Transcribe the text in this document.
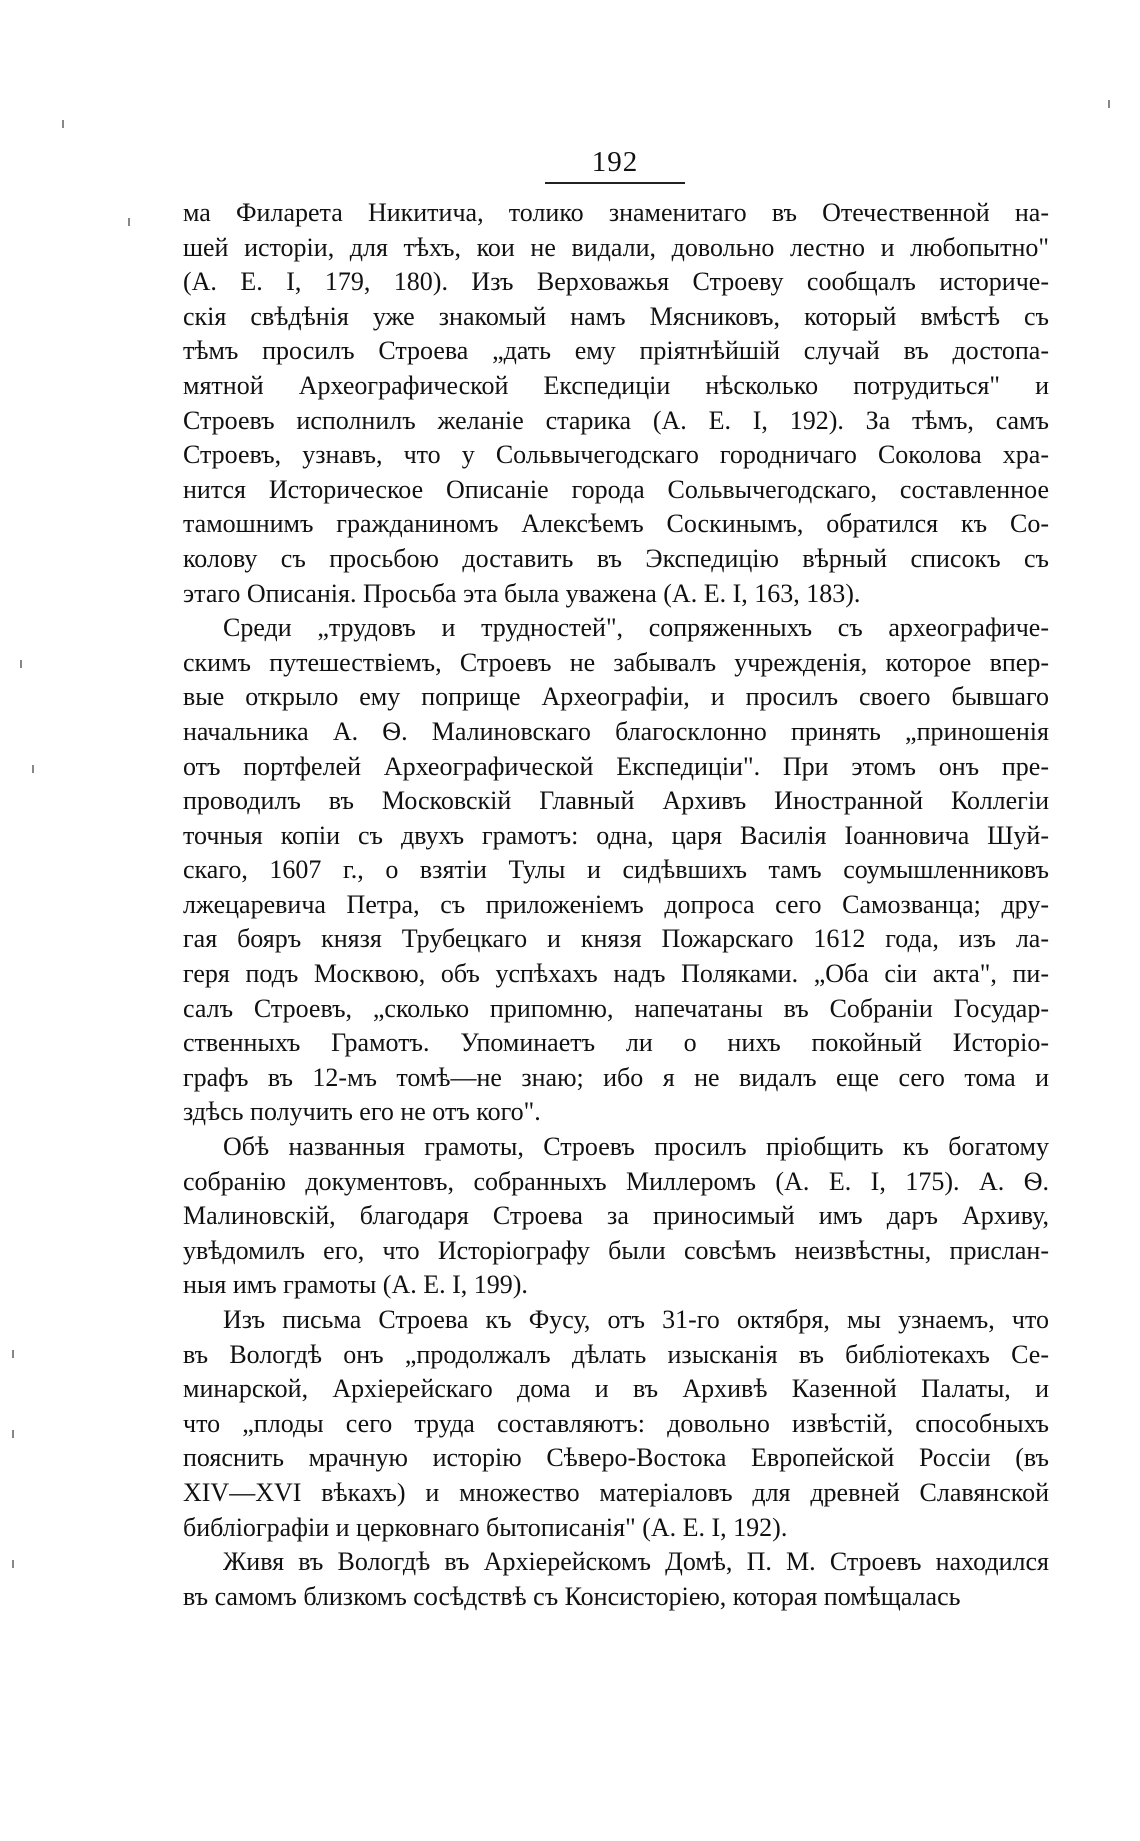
192
ма Филарета Никитича, толико знаменитаго въ Отечественной на-
шей исторіи, для тѣхъ, кои не видали, довольно лестно и любопытно"
(А. Е. I, 179, 180). Изъ Верховажья Строеву сообщалъ историче-
скія свѣдѣнія уже знакомый намъ Мясниковъ, который вмѣстѣ съ
тѣмъ просилъ Строева „дать ему пріятнѣйшій случай въ достопа-
мятной Археографической Експедиціи нѣсколько потрудиться" и
Строевъ исполнилъ желаніе старика (А. Е. I, 192). За тѣмъ, самъ
Строевъ, узнавъ, что у Сольвычегодскаго городничаго Соколова хра-
нится Историческое Описаніе города Сольвычегодскаго, составленное
тамошнимъ гражданиномъ Алексѣемъ Соскинымъ, обратился къ Со-
колову съ просьбою доставить въ Экспедицію вѣрный списокъ съ
этаго Описанія. Просьба эта была уважена (А. Е. I, 163, 183).
Среди „трудовъ и трудностей", сопряженныхъ съ археографиче-
скимъ путешествіемъ, Строевъ не забывалъ учрежденія, которое впер-
вые открыло ему поприще Археографіи, и просилъ своего бывшаго
начальника А. Ѳ. Малиновскаго благосклонно принять „приношенія
отъ портфелей Археографической Експедиціи". При этомъ онъ пре-
проводилъ въ Московскій Главный Архивъ Иностранной Коллегіи
точныя копіи съ двухъ грамотъ: одна, царя Василія Іоанновича Шуй-
скаго, 1607 г., о взятіи Тулы и сидѣвшихъ тамъ соумышленниковъ
лжецаревича Петра, съ приложеніемъ допроса сего Самозванца; дру-
гая бояръ князя Трубецкаго и князя Пожарскаго 1612 года, изъ ла-
геря подъ Москвою, объ успѣхахъ надъ Поляками. „Оба сіи акта", пи-
салъ Строевъ, „сколько припомню, напечатаны въ Собраніи Государ-
ственныхъ Грамотъ. Упоминаетъ ли о нихъ покойный Исторіо-
графъ въ 12-мъ томѣ—не знаю; ибо я не видалъ еще сего тома и
здѣсь получить его не отъ кого".
Обѣ названныя грамоты, Строевъ просилъ пріобщить къ богатому
собранію документовъ, собранныхъ Миллеромъ (А. Е. I, 175). А. Ѳ.
Малиновскій, благодаря Строева за приносимый имъ даръ Архиву,
увѣдомилъ его, что Исторіографу были совсѣмъ неизвѣстны, прислан-
ныя имъ грамоты (А. Е. I, 199).
Изъ письма Строева къ Фусу, отъ 31-го октября, мы узнаемъ, что
въ Вологдѣ онъ „продолжалъ дѣлать изысканія въ библіотекахъ Се-
минарской, Архіерейскаго дома и въ Архивѣ Казенной Палаты, и
что „плоды сего труда составляютъ: довольно извѣстій, способныхъ
пояснить мрачную исторію Сѣверо-Востока Европейской Россіи (въ
XIV—XVI вѣкахъ) и множество матеріаловъ для древней Славянской
библіографіи и церковнаго бытописанія" (А. Е. I, 192).
Живя въ Вологдѣ въ Архіерейскомъ Домѣ, П. М. Строевъ находился
въ самомъ близкомъ сосѣдствѣ съ Консисторіею, которая помѣщалась
